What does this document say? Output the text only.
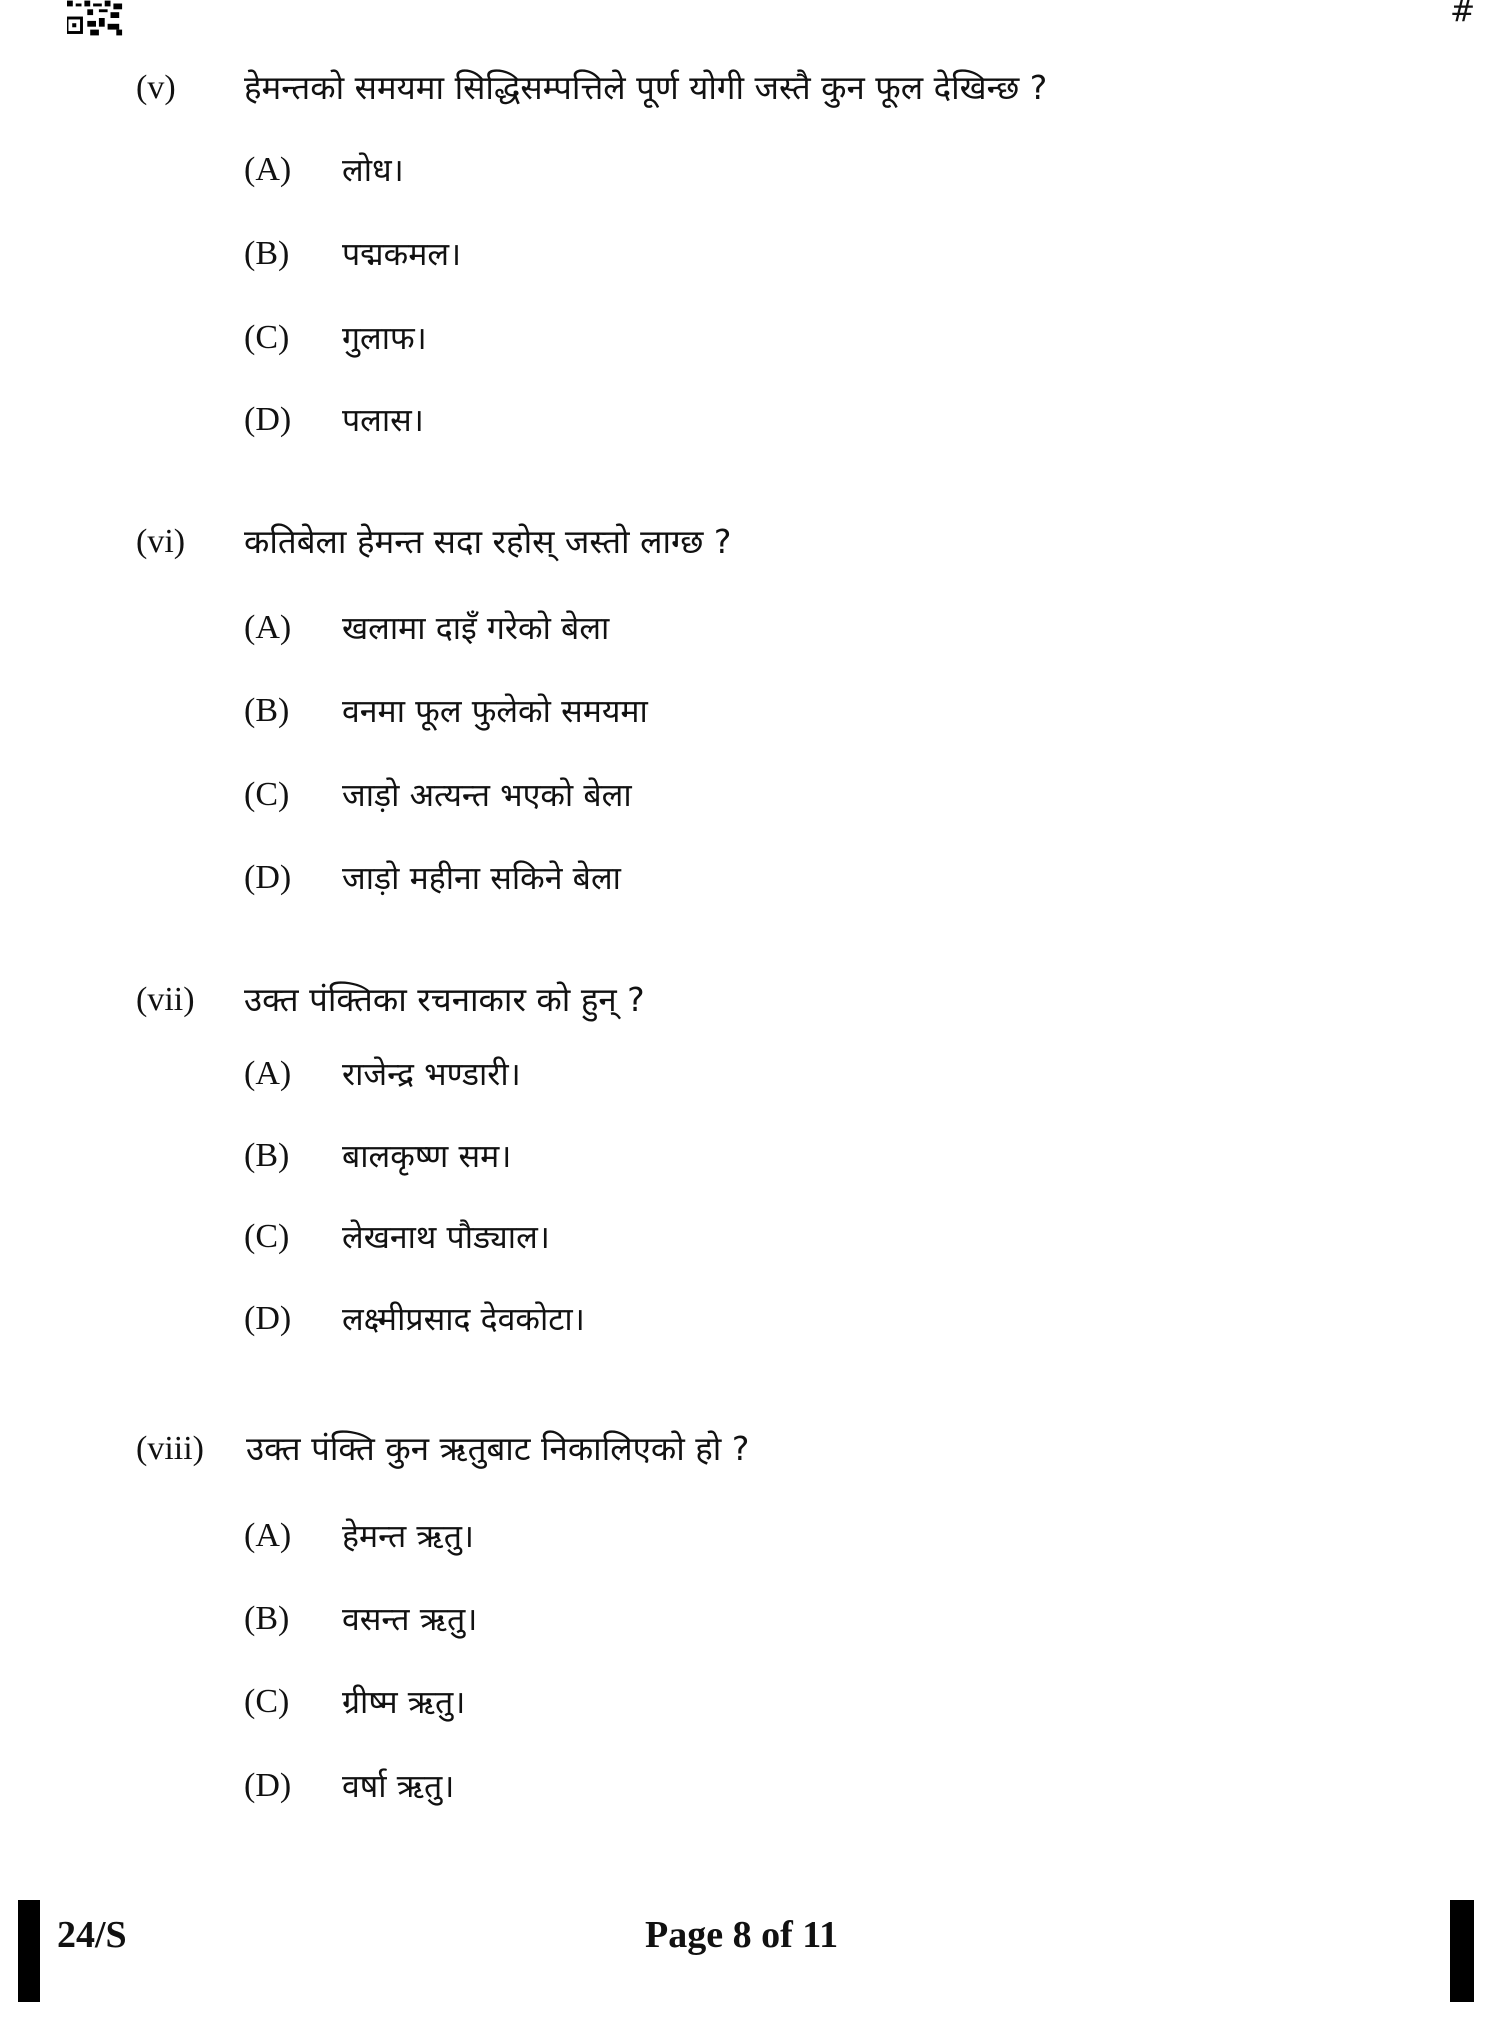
#
(v) हेमन्तको समयमा सिद्धिसम्पत्तिले पूर्ण योगी जस्तै कुन फूल देखिन्छ ?
(A) लोध।
(B) पद्मकमल।
(C) गुलाफ।
(D) पलास।
(vi) कतिबेला हेमन्त सदा रहोस् जस्तो लाग्छ ?
(A) खलामा दाइँ गरेको बेला
(B) वनमा फूल फुलेको समयमा
(C) जाड़ो अत्यन्त भएको बेला
(D) जाड़ो महीना सकिने बेला
(vii) उक्त पंक्तिका रचनाकार को हुन् ?
(A) राजेन्द्र भण्डारी।
(B) बालकृष्ण सम।
(C) लेखनाथ पौड्याल।
(D) लक्ष्मीप्रसाद देवकोटा।
(viii) उक्त पंक्ति कुन ऋतुबाट निकालिएको हो ?
(A) हेमन्त ऋतु।
(B) वसन्त ऋतु।
(C) ग्रीष्म ऋतु।
(D) वर्षा ऋतु।
24/S	Page 8 of 11
